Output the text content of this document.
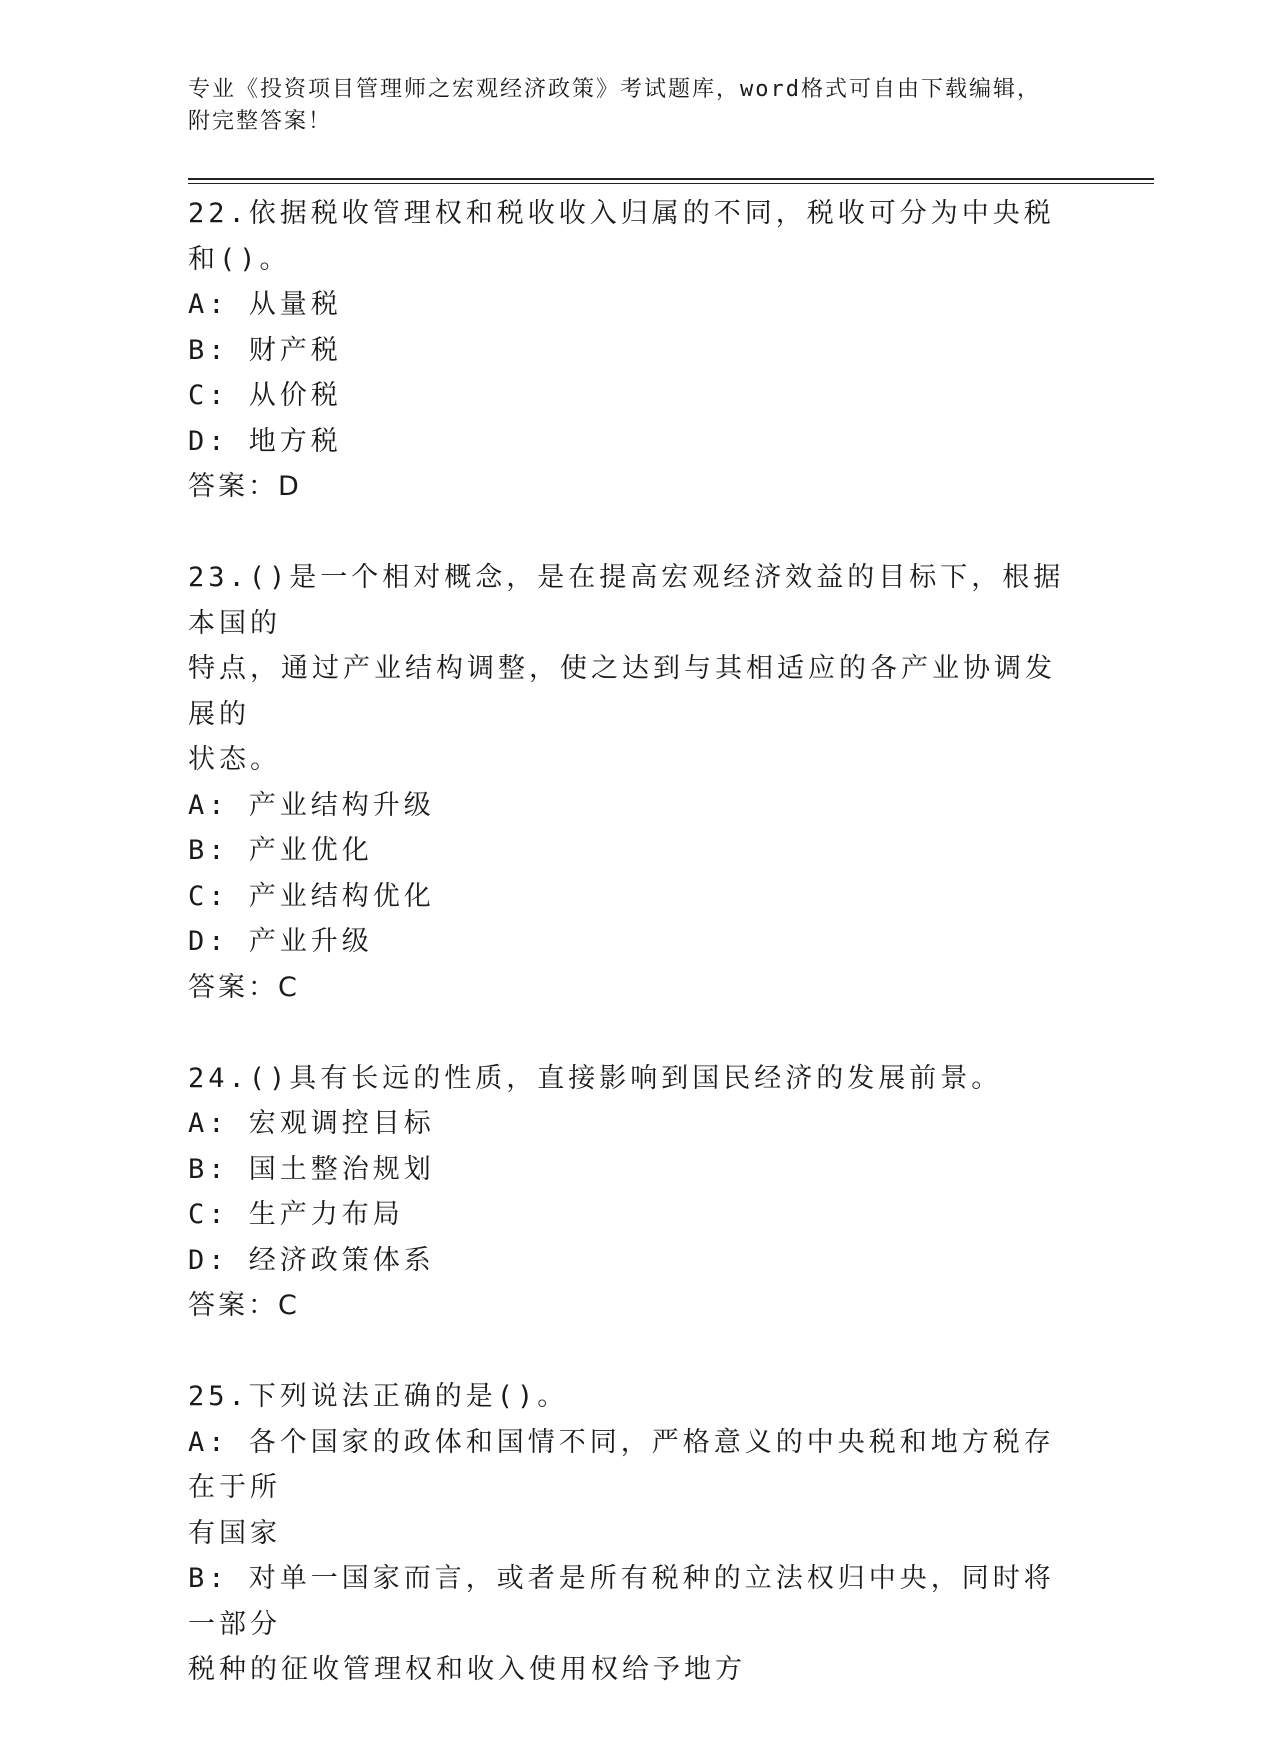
专业《投资项目管理师之宏观经济政策》考试题库，word格式可自由下载编辑，
附完整答案！

22.依据税收管理权和税收收入归属的不同，税收可分为中央税和()。

A: 从量税

B: 财产税

C: 从价税

D: 地方税

答案：D

23.()是一个相对概念，是在提高宏观经济效益的目标下，根据本国的

特点，通过产业结构调整，使之达到与其相适应的各产业协调发展的

状态。

A: 产业结构升级

B: 产业优化

C: 产业结构优化

D: 产业升级

答案：C

24.()具有长远的性质，直接影响到国民经济的发展前景。

A: 宏观调控目标

B: 国土整治规划

C: 生产力布局

D: 经济政策体系

答案：C

25.下列说法正确的是()。

A: 各个国家的政体和国情不同，严格意义的中央税和地方税存在于所

有国家

B: 对单一国家而言，或者是所有税种的立法权归中央，同时将一部分

税种的征收管理权和收入使用权给予地方
